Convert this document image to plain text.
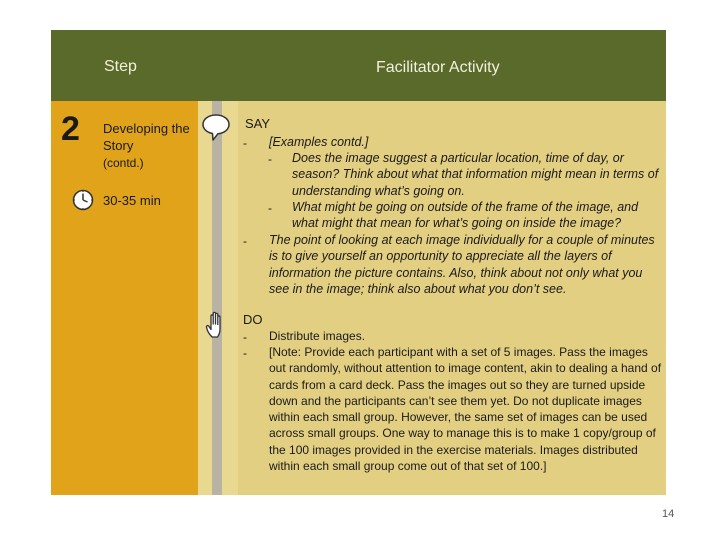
Step	Facilitator Activity
2 Developing the Story
(contd.)
30-35 min
SAY
- [Examples contd.]
- Does the image suggest a particular location, time of day, or season? Think about what that information might mean in terms of understanding what’s going on.
- What might be going on outside of the frame of the image, and what might that mean for what’s going on inside the image?
- The point of looking at each image individually for a couple of minutes is to give yourself an opportunity to appreciate all the layers of information the picture contains. Also, think about not only what you see in the image; think also about what you don’t see.
DO
- Distribute images.
- [Note: Provide each participant with a set of 5 images. Pass the images out randomly, without attention to image content, akin to dealing a hand of cards from a card deck. Pass the images out so they are turned upside down and the participants can’t see them yet. Do not duplicate images within each small group. However, the same set of images can be used across small groups. One way to manage this is to make 1 copy/group of the 100 images provided in the exercise materials. Images distributed within each small group come out of that set of 100.]
14
